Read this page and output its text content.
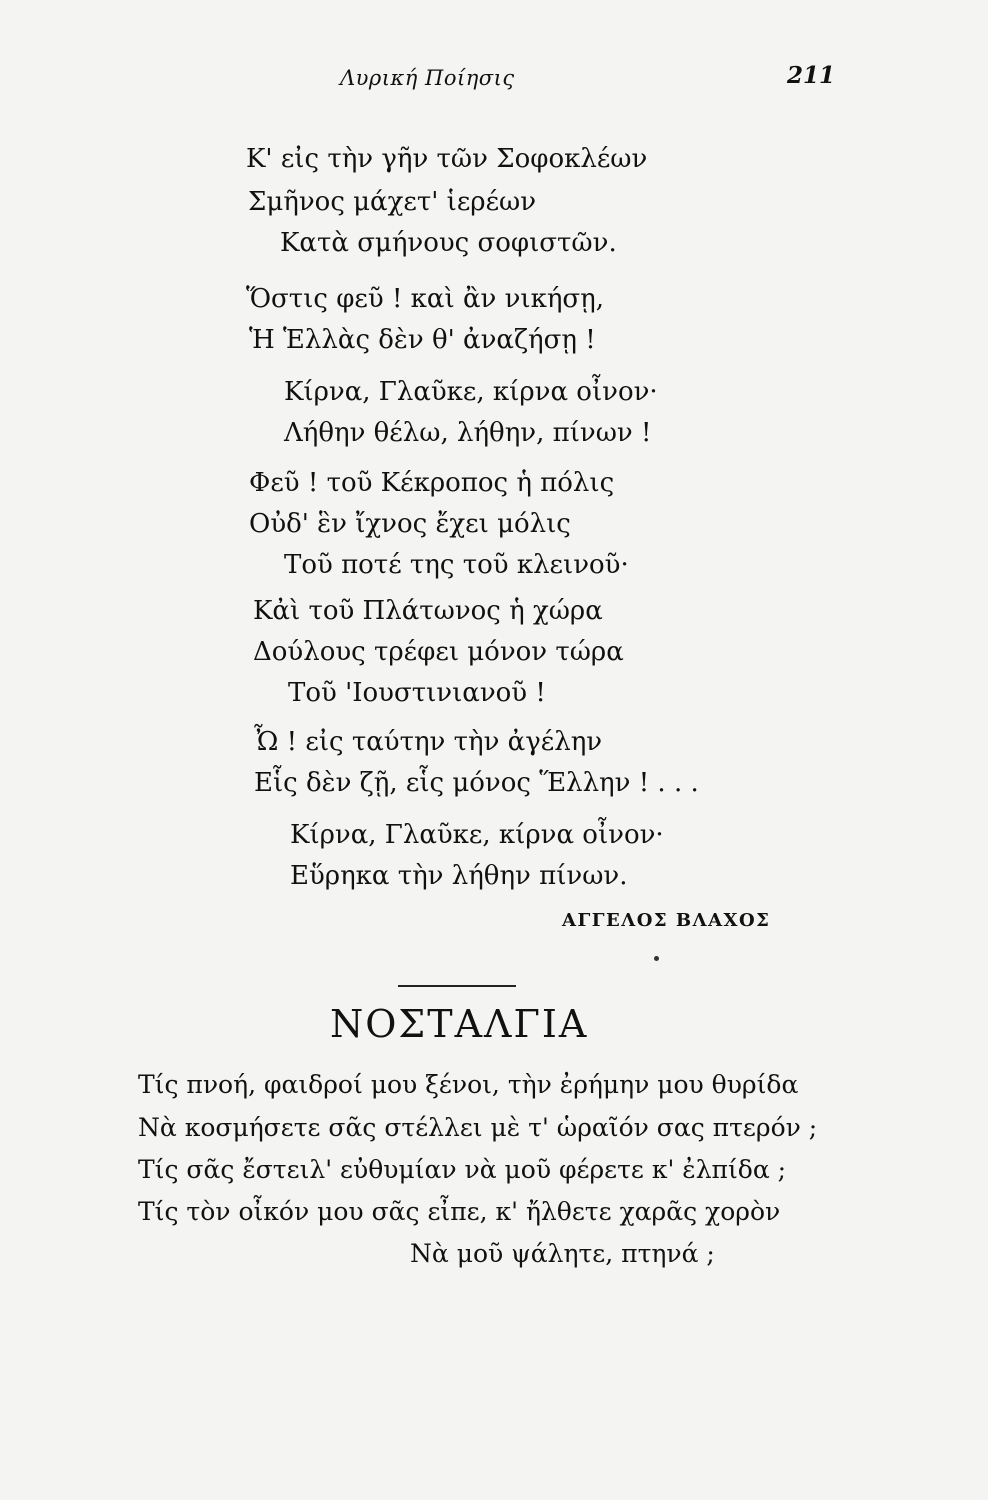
Λυρική Ποίησις	211
Κ' εἰς τὴν γῆν τῶν Σοφοκλέων
Σμῆνος μάχετ' ἱερέων
Κατὰ σμήνους σοφιστῶν.
Ὅστις φεῦ ! καὶ ἂν νικήσῃ,
Ἡ Ἑλλὰς δὲν θ' ἀναζήσῃ !
Κίρνα, Γλαῦκε, κίρνα οἶνον·
Λήθην θέλω, λήθην, πίνων !
Φεῦ ! τοῦ Κέκροπος ἡ πόλις
Οὐδ' ἓν ἴχνος ἔχει μόλις
Τοῦ ποτέ της τοῦ κλεινοῦ·
Κἀὶ τοῦ Πλάτωνος ἡ χώρα
Δούλους τρέφει μόνον τώρα
Τοῦ 'Ιουστινιανοῦ !
Ὦ ! εἰς ταύτην τὴν ἀγέλην
Εἷς δὲν ζῇ, εἷς μόνος Ἕλλην ! . . .
Κίρνα, Γλαῦκε, κίρνα οἶνον·
Εὕρηκα τὴν λήθην πίνων.
ΑΓΓΕΛΟΣ ΒΛΑΧΟΣ
ΝΟΣΤΑΛΓΙΑ
Τίς πνοή, φαιδροί μου ξένοι, τὴν ἐρήμην μου θυρίδα
Νὰ κοσμήσετε σᾶς στέλλει μὲ τ' ὡραῖόν σας πτερόν ;
Τίς σᾶς ἔστειλ' εὐθυμίαν νὰ μοῦ φέρετε κ' ἐλπίδα ;
Τίς τὸν οἶκόν μου σᾶς εἶπε, κ' ἤλθετε χαρᾶς χορὸν
Νὰ μοῦ ψάλητε, πτηνά ;
